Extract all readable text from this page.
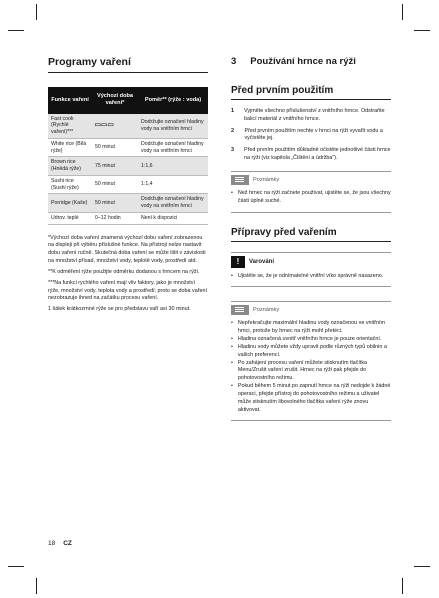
Programy vaření
Funkce vaření	Výchozí doba vaření*	Poměr** (rýže : voda)
Fast cook (Rychlé vaření)***	▭▭▭	Dodržujte označení hladiny vody na vnitřním hrnci
White rice (Bílá rýže)	50 minut	Dodržujte označení hladiny vody na vnitřním hrnci
Brown rice (Hnědá rýže)	75 minut	1:1,6
Sushi rice (Sushi rýže)	50 minut	1:1,4
Porridge (Kaše)	50 minut	Dodržujte označení hladiny vody na vnitřním hrnci
Udrov. teplé	0–12 hodin	Není k dispozici

*Výchozí doba vaření znamená výchozí dobu vaření zobrazenou na displeji při výběru příslušné funkce. Na přístroji nelze nastavit dobu vaření ručně. Skutečná doba vaření se může lišit v závislosti na množství přísad, množství vody, teplotě vody, prostředí atd.

**K odměření rýže použijte odměrku dodanou s hrncem na rýži.

***Na funkci rychlého vaření mají vliv faktory, jako je množství rýže, množství vody, teplota vody a prostředí; proto se doba vaření nezobrazuje ihned na začátku procesu vaření.

1 šálek krátkozrnné rýže se pro představu vaří asi 30 minut.

3 Používání hrnce na rýži
Před prvním použitím
1 Vyjměte všechno příslušenství z vnitřního hrnce. Odstraňte balicí materiál z vnitřního hrnce.
2 Před prvním použitím nechte v hrnci na rýži vyvařit vodu a vyčistěte jej.
3 Před prvním použitím důkladně očistěte jednotlivé části hrnce na rýži (viz kapitola „Čištění a údržba").
Poznámky
• Než hrnec na rýži začnete používat, ujistěte se, že jsou všechny části úplně suché.
Přípravy před vařením
!	Varování
• Ujistěte se, že je odnímatelné vnitřní víko správně nasazeno.
Poznámky
• Nepřekračujte maximální hladinu vody označenou ve vnitřním hrnci, protože by hrnec na rýži mohl přetéci.
• Hladina označená uvnitř vnitřního hrnce je pouze orientační.
• Hladinu vody můžete vždy upravit podle různých typů obilnin a vašich preferencí.
• Po zahájení procesu vaření můžete stisknutím tlačítka Menu/Zrušit vaření zrušit. Hrnec na rýži pak přejde do pohotovostního režimu.
• Pokud během 5 minut po zapnutí hrnce na rýži nedojde k žádné operaci, přejde přístroj do pohotovostního režimu a uživatel může stisknutím libovolného tlačítka vaření rýže znovu aktivovat.
18 CZ
